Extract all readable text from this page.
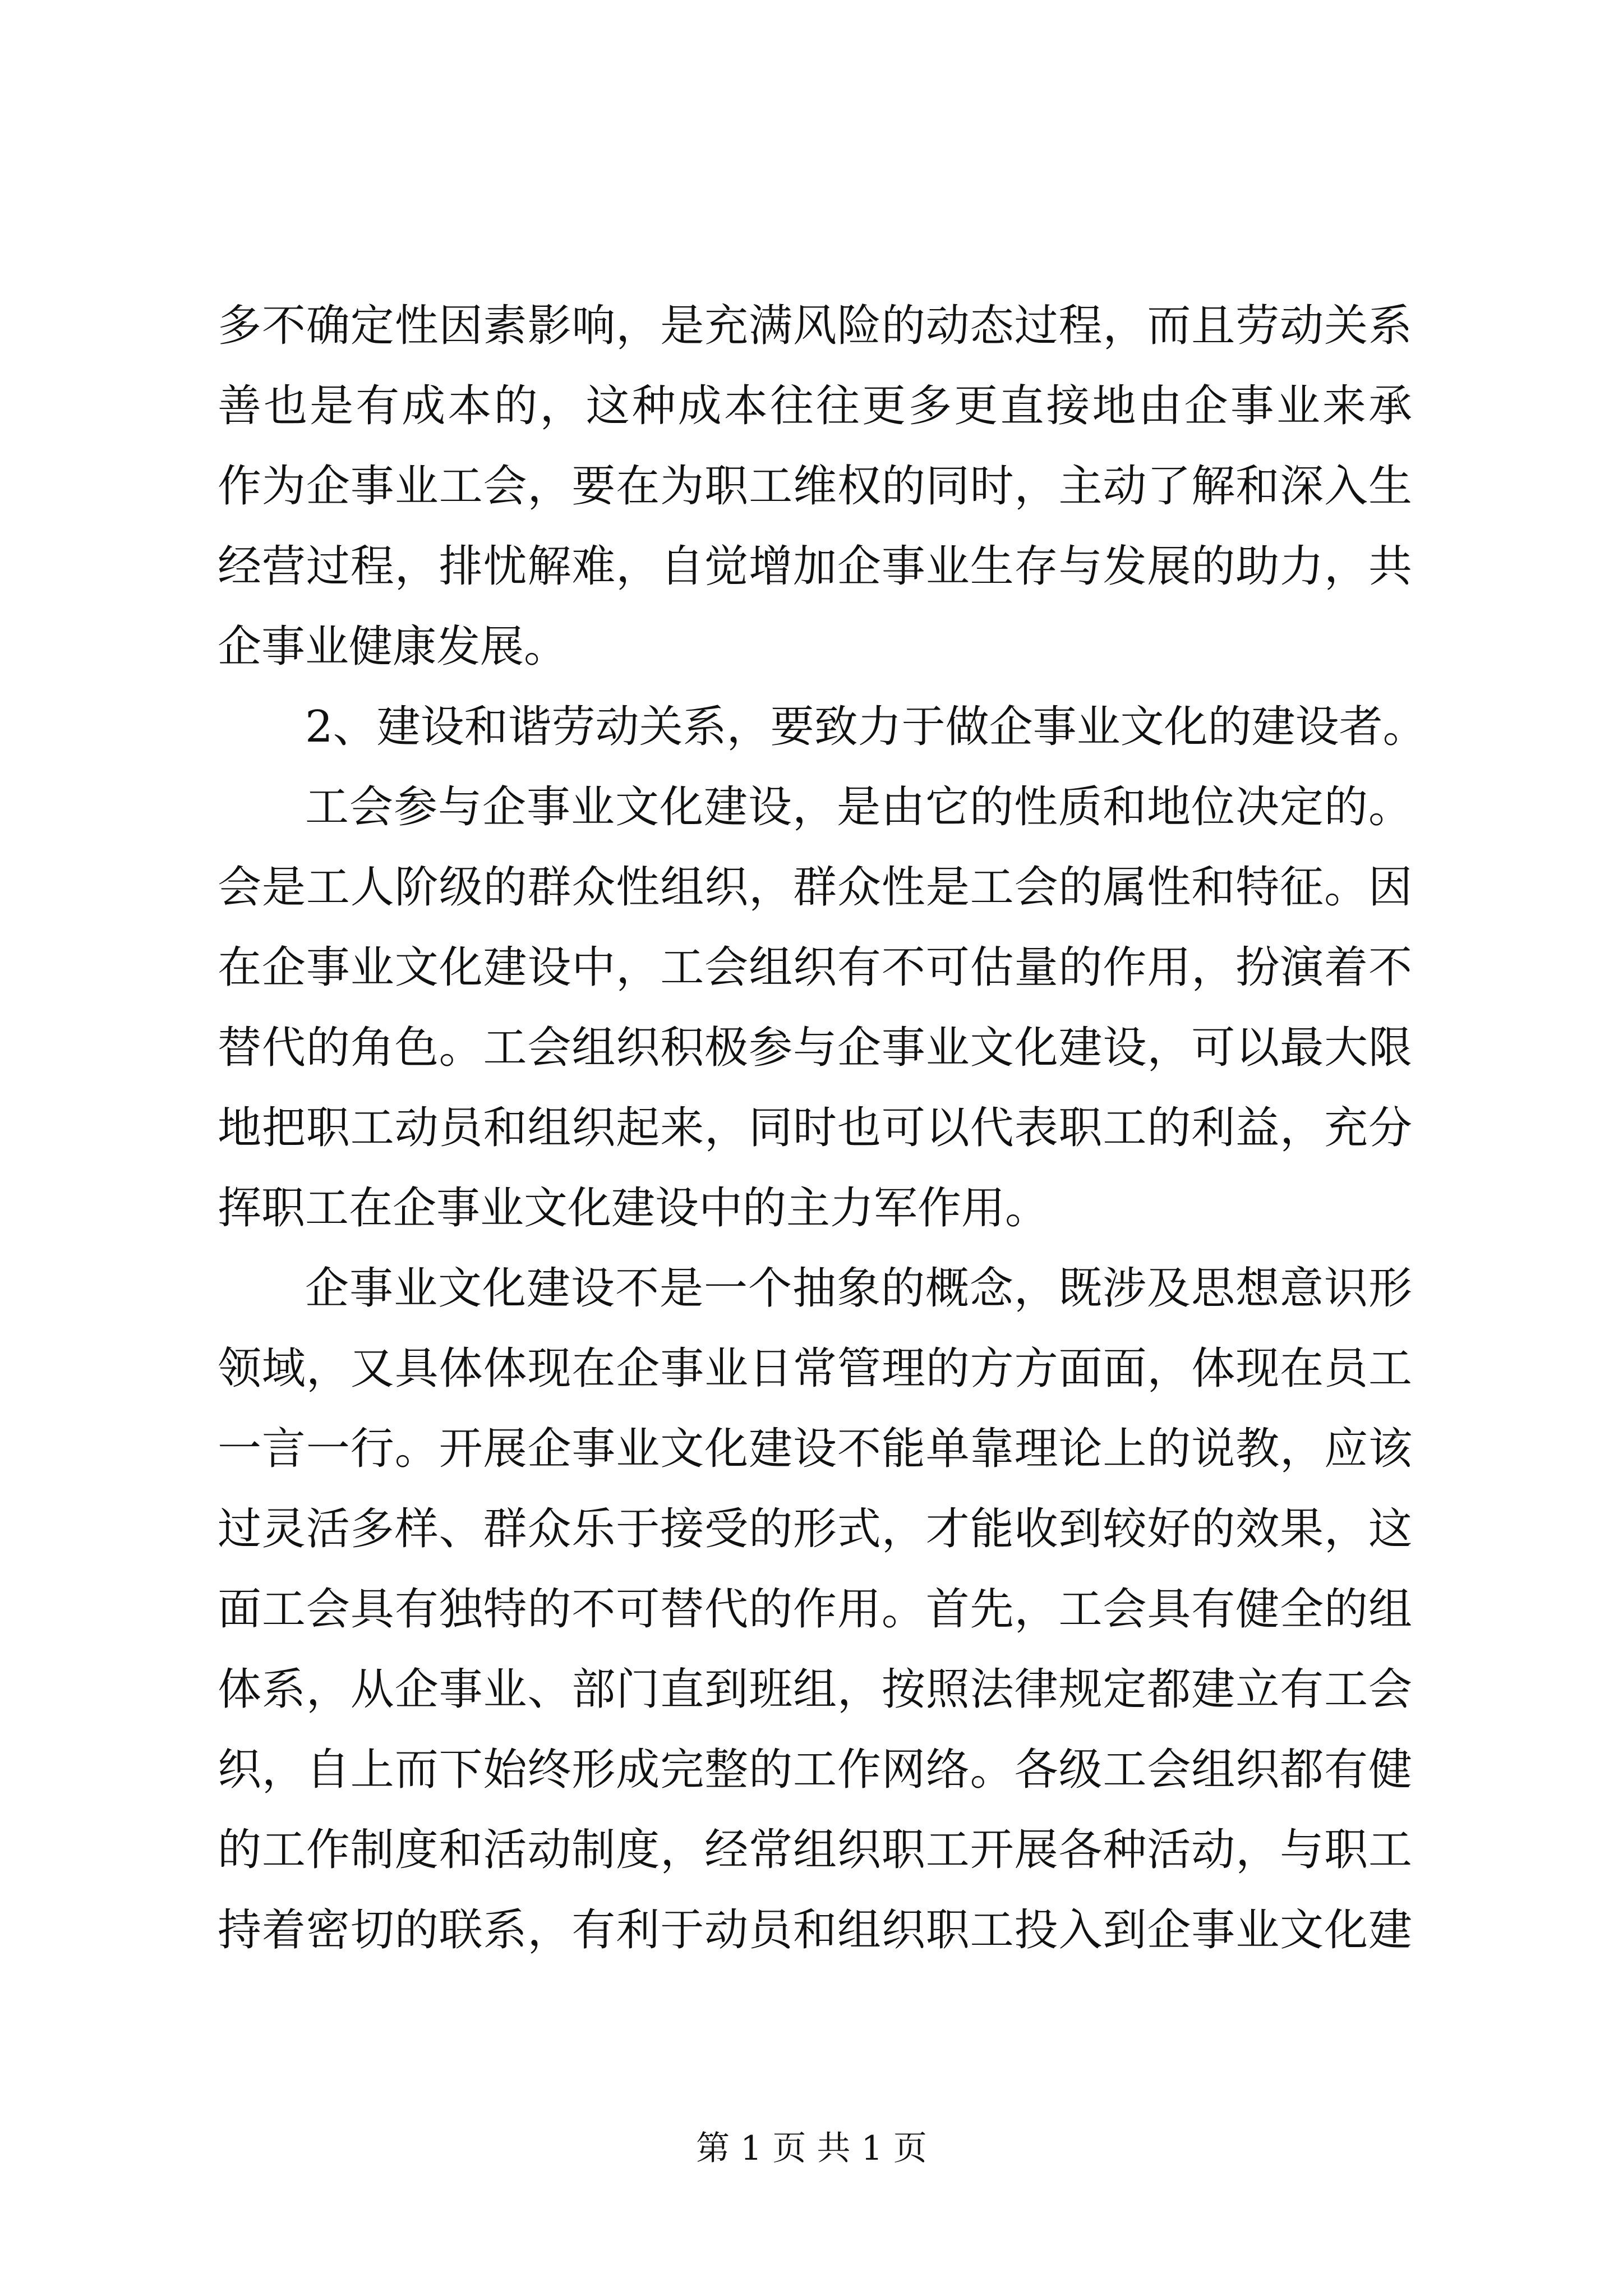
多不确定性因素影响，是充满风险的动态过程，而且劳动关系
善也是有成本的，这种成本往往更多更直接地由企事业来承
作为企事业工会，要在为职工维权的同时，主动了解和深入生
经营过程，排忧解难，自觉增加企事业生存与发展的助力，共
企事业健康发展。
2、建设和谐劳动关系，要致力于做企事业文化的建设者。
工会参与企事业文化建设，是由它的性质和地位决定的。
会是工人阶级的群众性组织，群众性是工会的属性和特征。因
在企事业文化建设中，工会组织有不可估量的作用，扮演着不
替代的角色。工会组织积极参与企事业文化建设，可以最大限
地把职工动员和组织起来，同时也可以代表职工的利益，充分
挥职工在企事业文化建设中的主力军作用。
企事业文化建设不是一个抽象的概念，既涉及思想意识形
领域，又具体体现在企事业日常管理的方方面面，体现在员工
一言一行。开展企事业文化建设不能单靠理论上的说教，应该
过灵活多样、群众乐于接受的形式，才能收到较好的效果，这
面工会具有独特的不可替代的作用。首先，工会具有健全的组
体系，从企事业、部门直到班组，按照法律规定都建立有工会
织，自上而下始终形成完整的工作网络。各级工会组织都有健
的工作制度和活动制度，经常组织职工开展各种活动，与职工
持着密切的联系，有利于动员和组织职工投入到企事业文化建
第 1 页 共 1 页
